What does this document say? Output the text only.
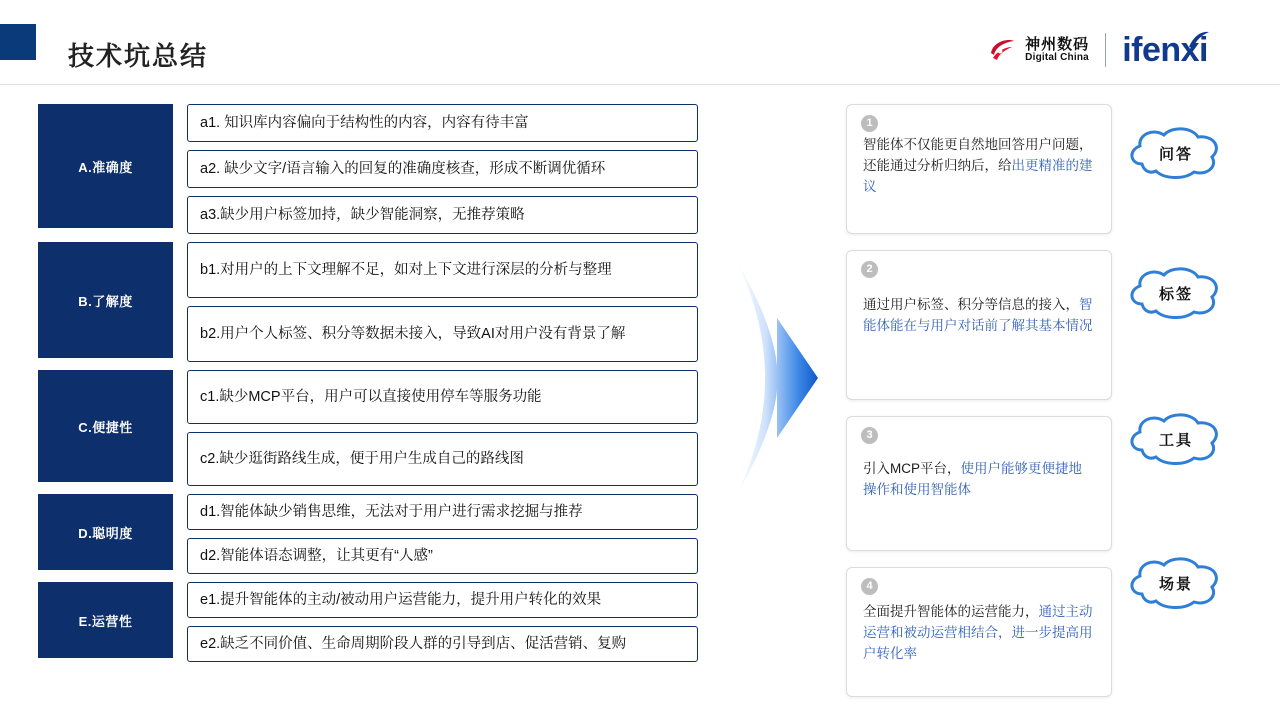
技术坑总结	神州数码
Digital China ifenxi
A.准确度
a1. 知识库内容偏向于结构性的内容，内容有待丰富
a2. 缺少文字/语言输入的回复的准确度核查，形成不断调优循环
a3.缺少用户标签加持，缺少智能洞察，无推荐策略
B.了解度
b1.对用户的上下文理解不足，如对上下文进行深层的分析与整理
b2.用户个人标签、积分等数据未接入，导致AI对用户没有背景了解
C.便捷性
c1.缺少MCP平台，用户可以直接使用停车等服务功能
c2.缺少逛街路线生成，便于用户生成自己的路线图
D.聪明度
d1.智能体缺少销售思维，无法对于用户进行需求挖掘与推荐
d2.智能体语态调整，让其更有“人感”
E.运营性
e1.提升智能体的主动/被动用户运营能力，提升用户转化的效果
e2.缺乏不同价值、生命周期阶段人群的引导到店、促活营销、复购
1
智能体不仅能更自然地回答用户问题，还能通过分析归纳后，给出更精准的建议
2
通过用户标签、积分等信息的接入，智能体能在与用户对话前了解其基本情况
3
引入MCP平台，使用户能够更便捷地操作和使用智能体
4
全面提升智能体的运营能力，通过主动运营和被动运营相结合，进一步提高用户转化率
问答
标签
工具
场景
